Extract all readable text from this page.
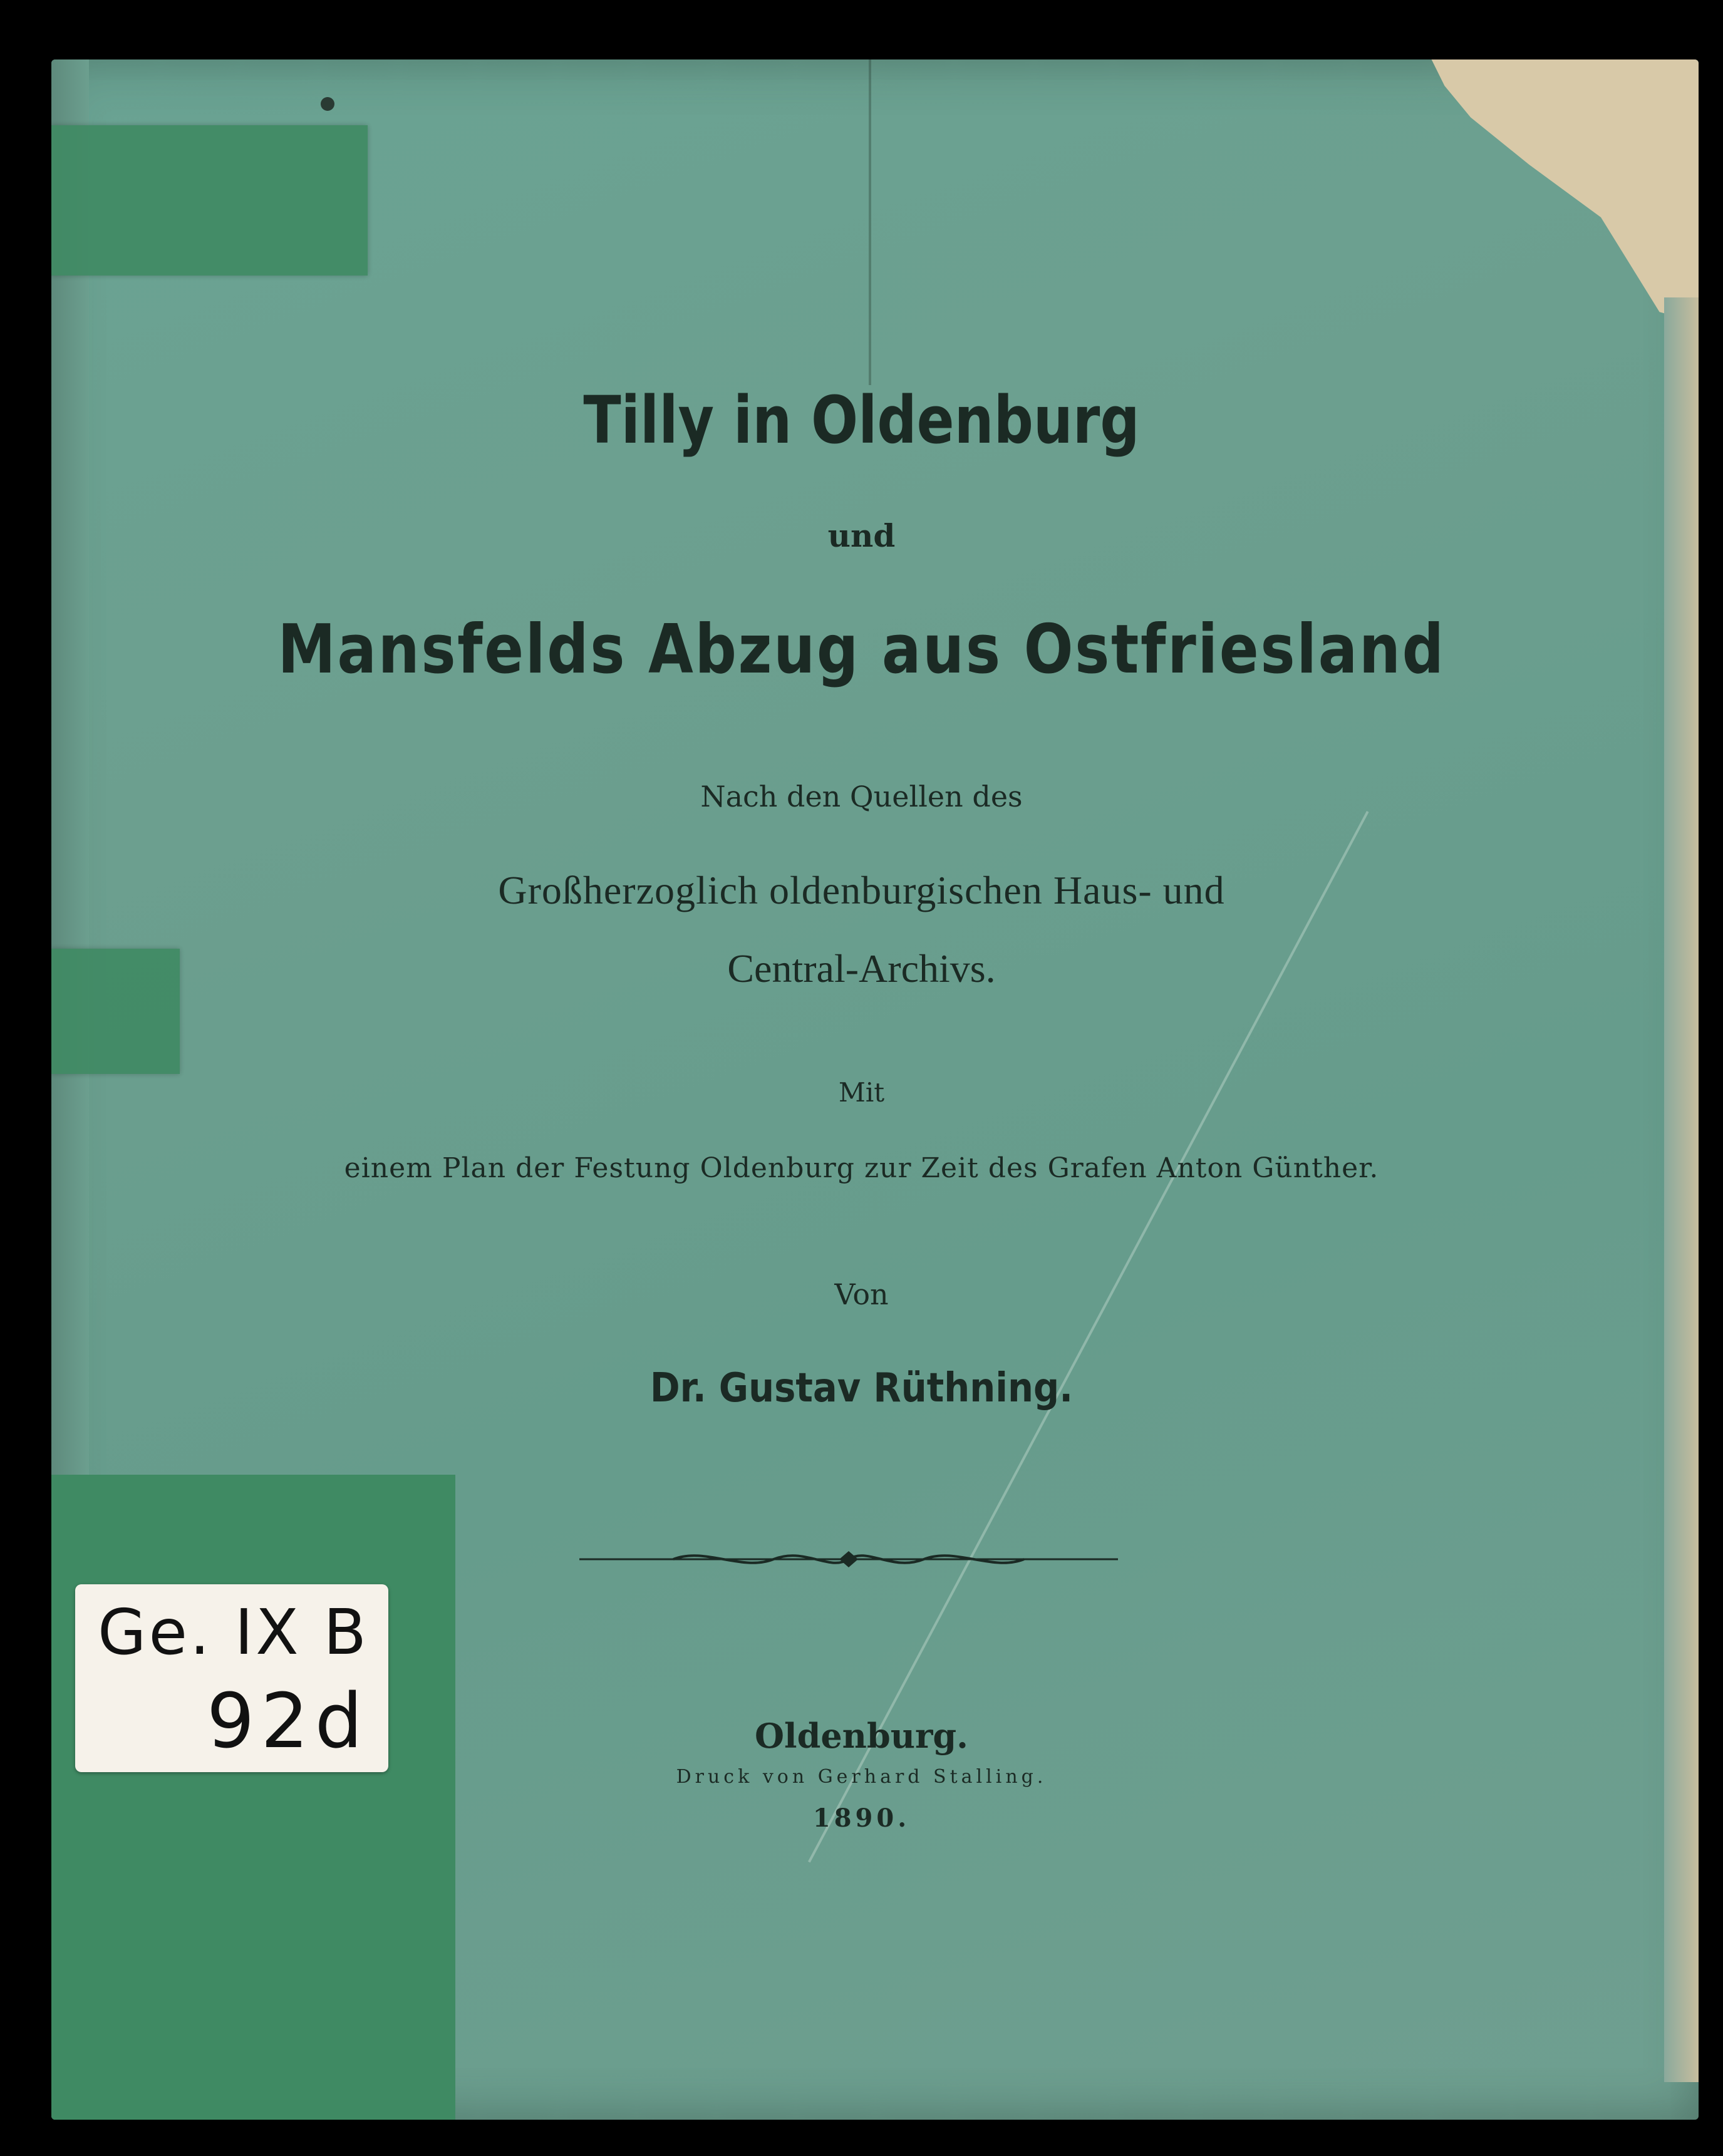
Ge. IX B
92d
Tilly in Oldenburg
und
Mansfelds Abzug aus Ostfriesland
Nach den Quellen des
Großherzoglich oldenburgischen Haus- und
Central-Archivs.
Mit
einem Plan der Festung Oldenburg zur Zeit des Grafen Anton Günther.
Von
Dr. Gustav Rüthning.
Oldenburg.
Druck von Gerhard Stalling.
1890.
